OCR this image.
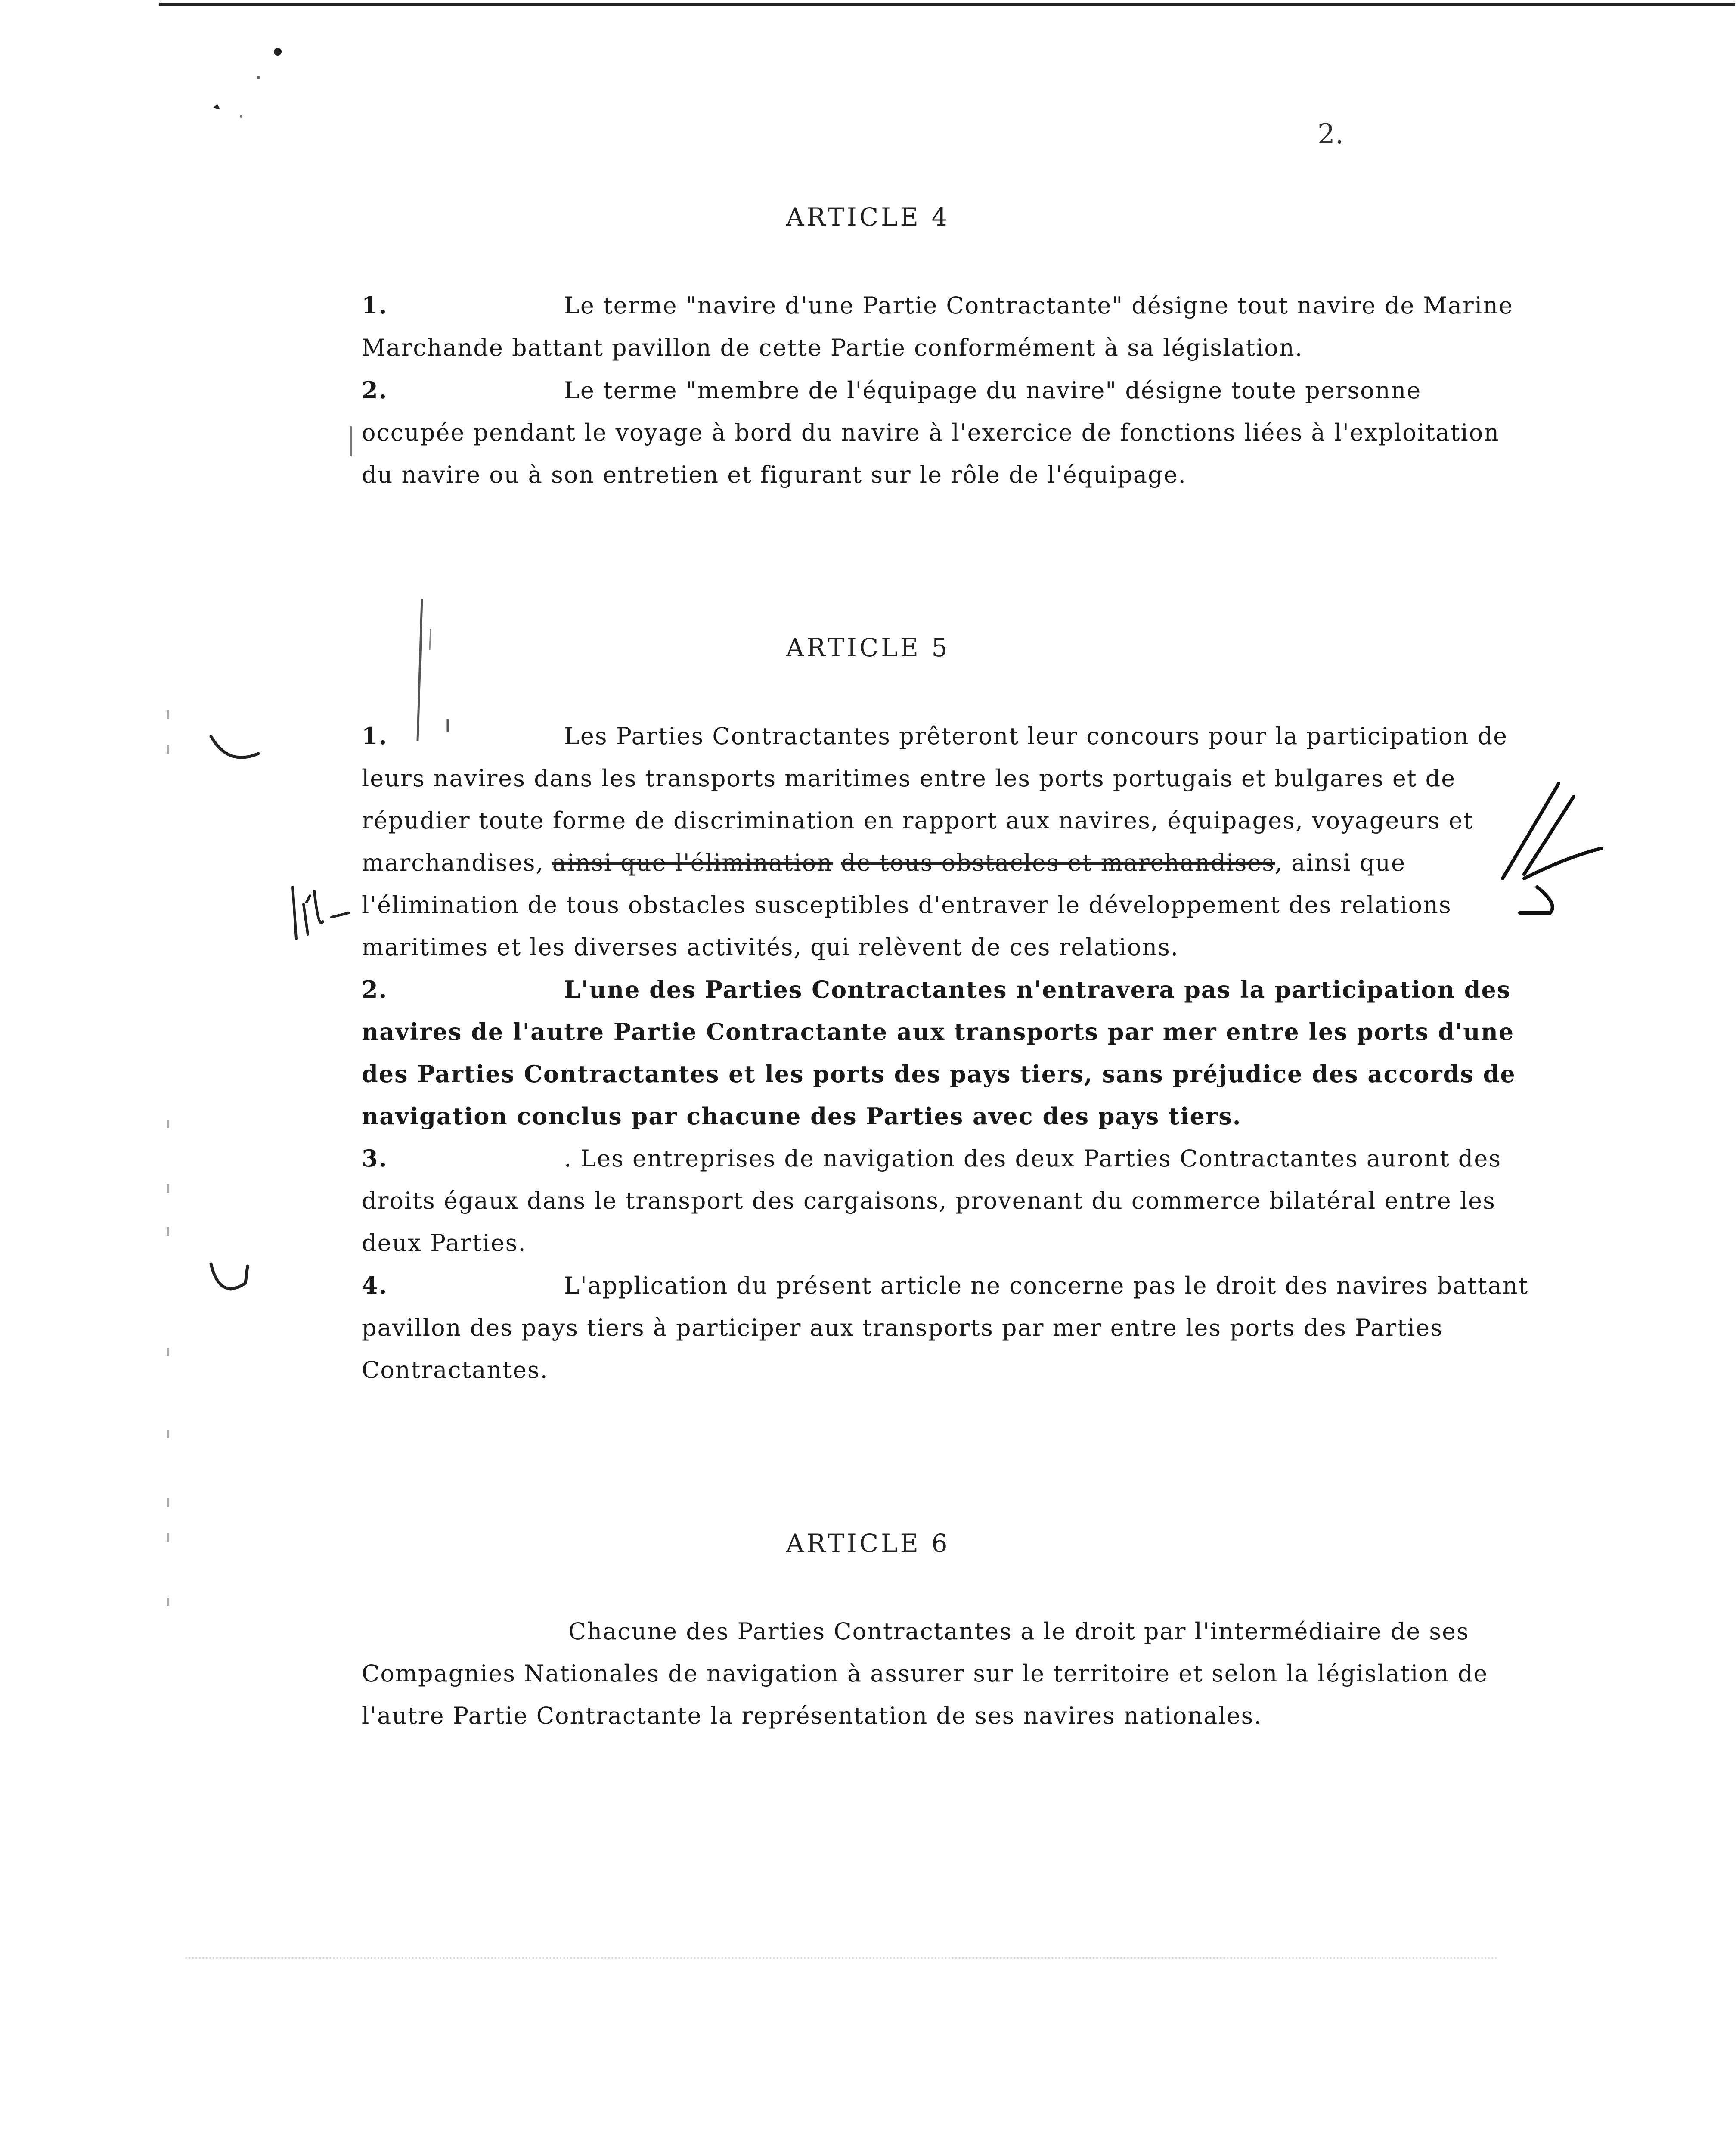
2.
ARTICLE 4

1.	Le terme "navire d'une Partie Contractante" désigne tout navire de Marine Marchande battant pavillon de cette Partie conformément à sa législation.

2.	Le terme "membre de l'équipage du navire" désigne toute personne occupée pendant le voyage à bord du navire à l'exercice de fonctions liées à l'exploitation du navire ou à son entretien et figurant sur le rôle de l'équipage.

ARTICLE 5

1.	Les Parties Contractantes prêteront leur concours pour la participation de leurs navires dans les transports maritimes entre les ports portugais et bulgares et de répudier toute forme de discrimination en rapport aux navires, équipages, voyageurs et marchandises, ainsi que l'élimination de tous obstacles et marchandises, ainsi que l'élimination de tous obstacles susceptibles d'entraver le développement des relations maritimes et les diverses activités, qui relèvent de ces relations.

2.	L'une des Parties Contractantes n'entravera pas la participation des navires de l'autre Partie Contractante aux transports par mer entre les ports d'une des Parties Contractantes et les ports des pays tiers, sans préjudice des accords de navigation conclus par chacune des Parties avec des pays tiers.

3.	. Les entreprises de navigation des deux Parties Contractantes auront des droits égaux dans le transport des cargaisons, provenant du commerce bilatéral entre les deux Parties.

4.	L'application du présent article ne concerne pas le droit des navires battant pavillon des pays tiers à participer aux transports par mer entre les ports des Parties Contractantes.

ARTICLE 6

Chacune des Parties Contractantes a le droit par l'intermédiaire de ses Compagnies Nationales de navigation à assurer sur le territoire et selon la législation de l'autre Partie Contractante la représentation de ses navires nationales.
